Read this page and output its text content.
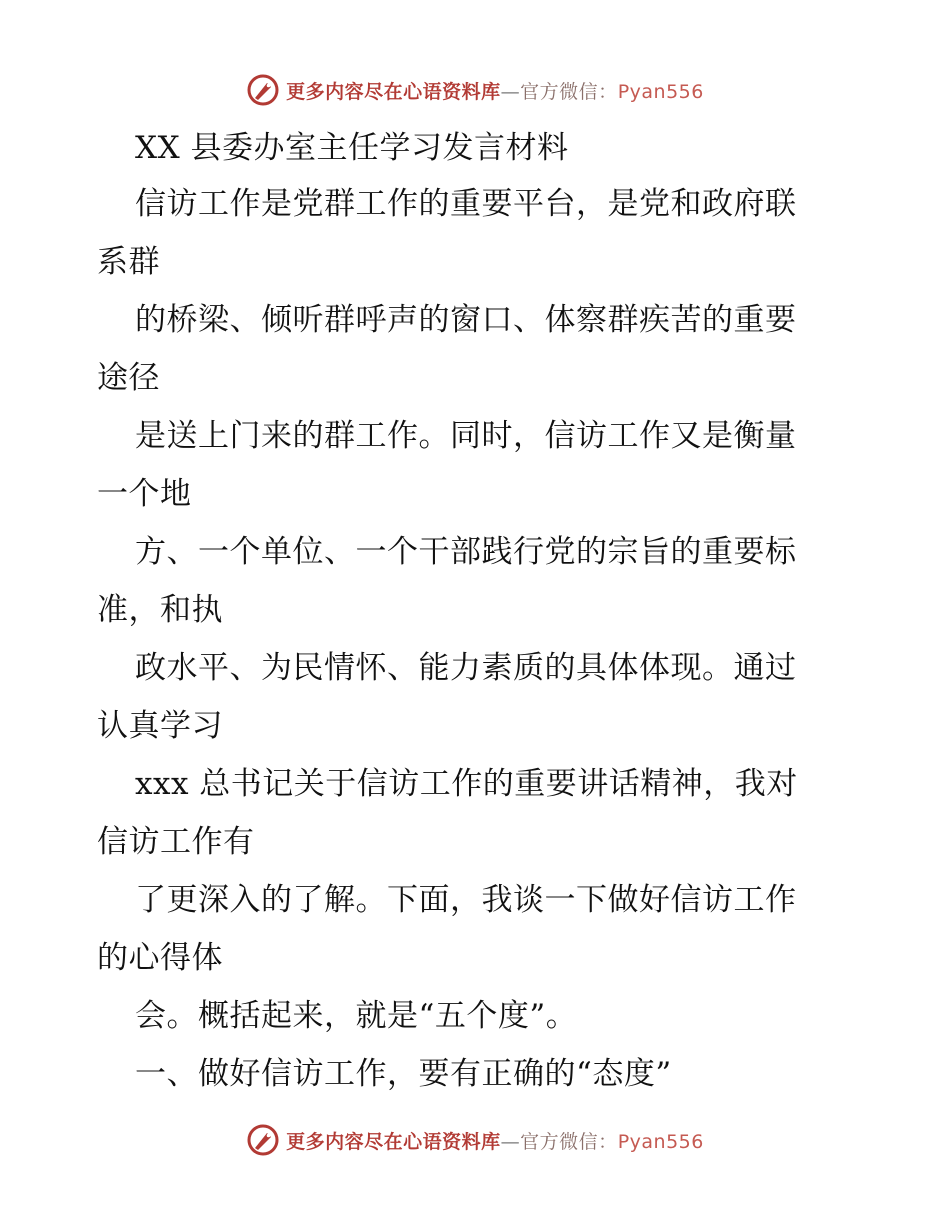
更多内容尽在心语资料库—官方微信：Pyan556
XX 县委办室主任学习发言材料
信访工作是党群工作的重要平台，是党和政府联
系群
的桥梁、倾听群呼声的窗口、体察群疾苦的重要
途径
是送上门来的群工作。同时，信访工作又是衡量
一个地
方、一个单位、一个干部践行党的宗旨的重要标
准，和执
政水平、为民情怀、能力素质的具体体现。通过
认真学习
xxx 总书记关于信访工作的重要讲话精神，我对
信访工作有
了更深入的了解。下面，我谈一下做好信访工作
的心得体
会。概括起来，就是“五个度”。
一、做好信访工作，要有正确的“态度”
更多内容尽在心语资料库—官方微信：Pyan556
